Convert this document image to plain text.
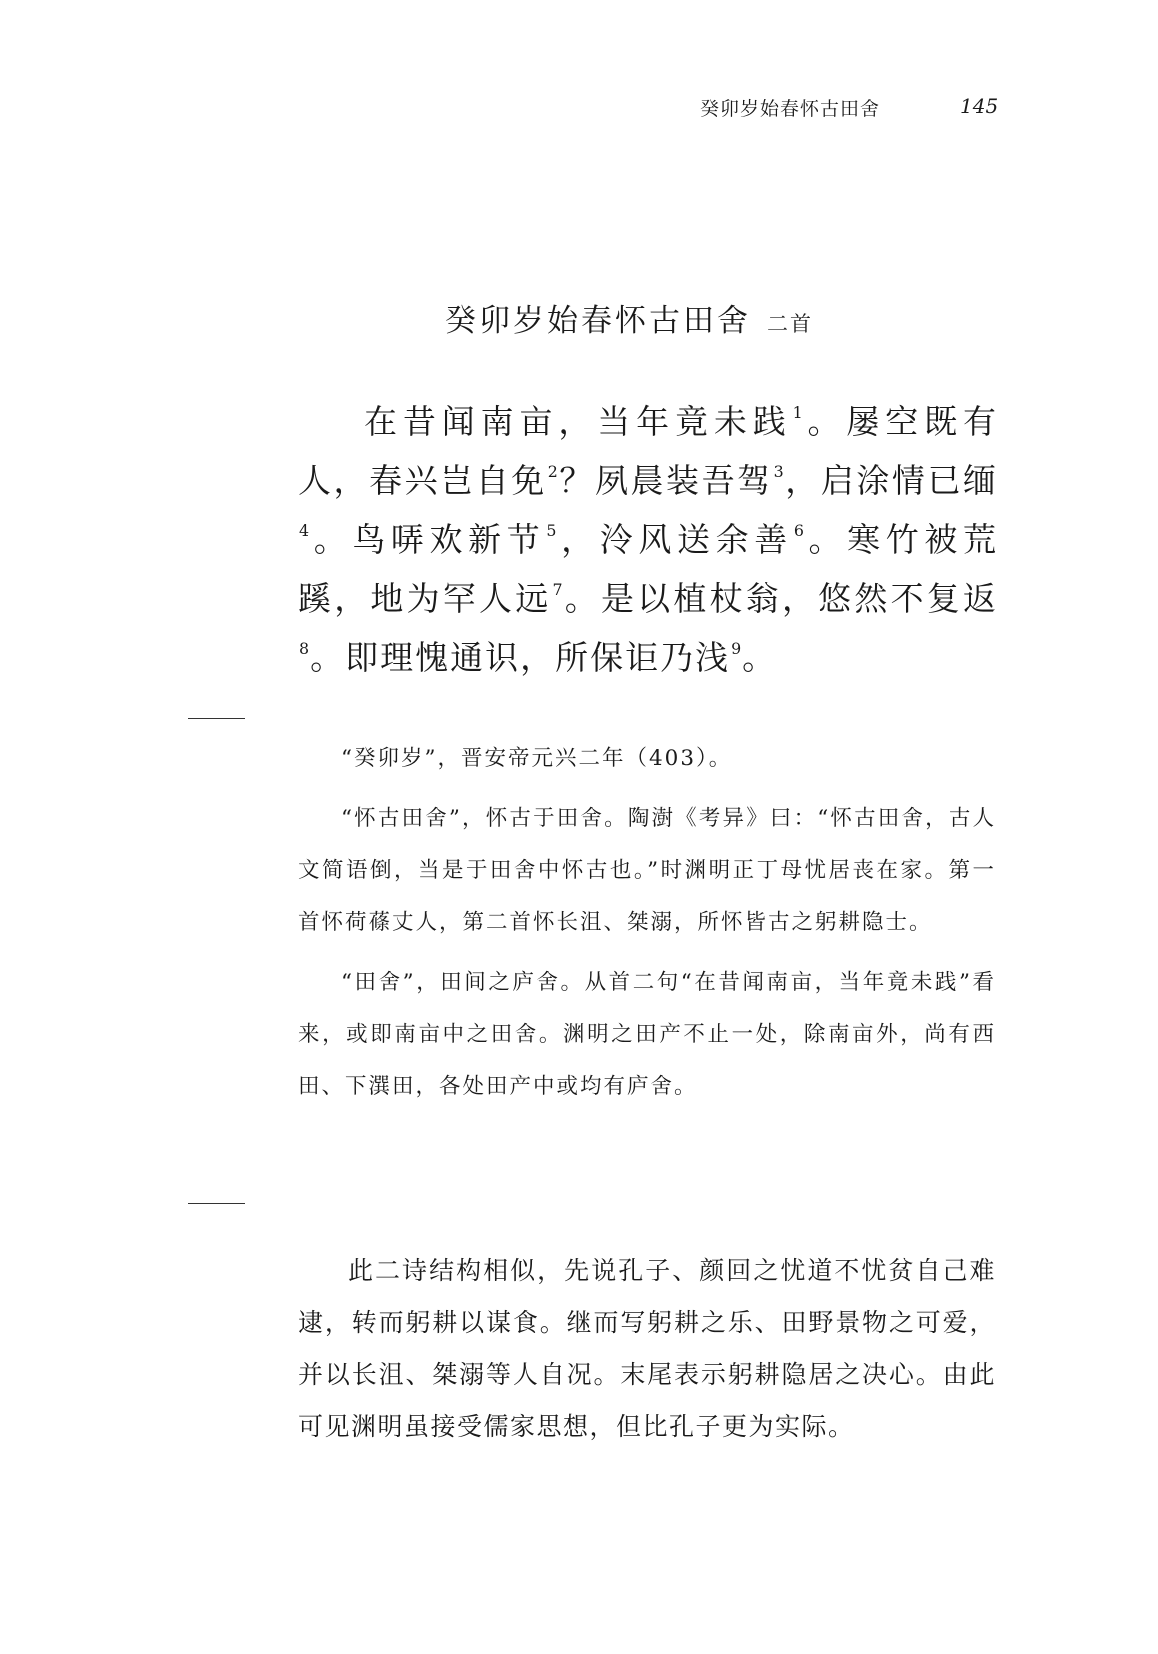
癸卯岁始春怀古田舍	145
癸卯岁始春怀古田舍 二首

在昔闻南亩，当年竟未践$^1$。屡空既有人，春兴岂自免$^2$？夙晨装吾驾$^3$，启涂情已缅$^4$。鸟哢欢新节$^5$，泠风送余善$^6$。寒竹被荒蹊，地为罕人远$^7$。是以植杖翁，悠然不复返$^8$。即理愧通识，所保讵乃浅$^9$。

“癸卯岁”，晋安帝元兴二年（403）。

“怀古田舍”，怀古于田舍。陶澍《考异》曰：“怀古田舍，古人文简语倒，当是于田舍中怀古也。”时渊明正丁母忧居丧在家。第一首怀荷蓧丈人，第二首怀长沮、桀溺，所怀皆古之躬耕隐士。

“田舍”，田间之庐舍。从首二句“在昔闻南亩，当年竟未践”看来，或即南亩中之田舍。渊明之田产不止一处，除南亩外，尚有西田、下潠田，各处田产中或均有庐舍。

此二诗结构相似，先说孔子、颜回之忧道不忧贫自己难逮，转而躬耕以谋食。继而写躬耕之乐、田野景物之可爱，并以长沮、桀溺等人自况。末尾表示躬耕隐居之决心。由此可见渊明虽接受儒家思想，但比孔子更为实际。
